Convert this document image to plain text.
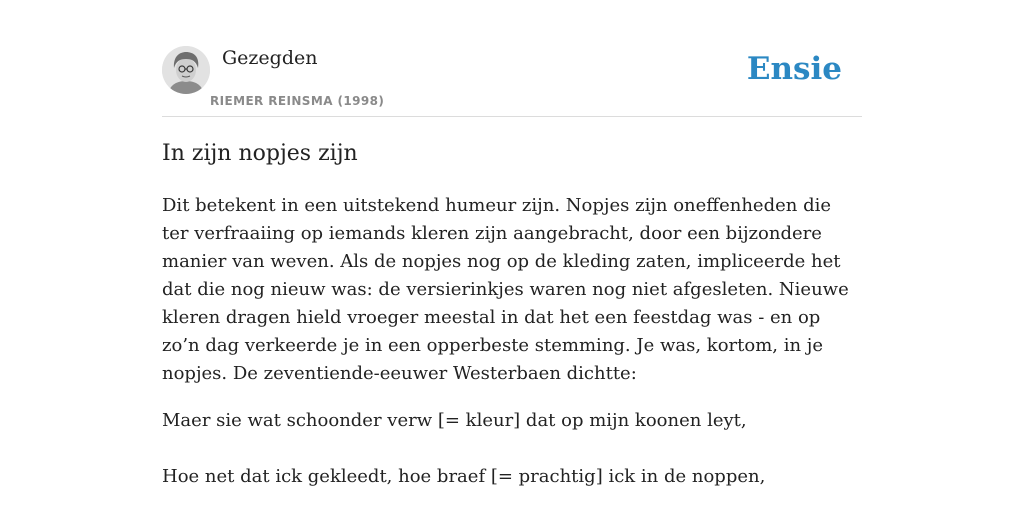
Gezegden
RIEMER REINSMA (1998)
Ensie
In zijn nopjes zijn

Dit betekent in een uitstekend humeur zijn. Nopjes zijn oneffenheden die ter verfraaiing op iemands kleren zijn aangebracht, door een bijzondere manier van weven. Als de nopjes nog op de kleding zaten, impliceerde het dat die nog nieuw was: de versierinkjes waren nog niet afgesleten. Nieuwe kleren dragen hield vroeger meestal in dat het een feestdag was - en op zo’n dag verkeerde je in een opperbeste stemming. Je was, kortom, in je nopjes. De zeventiende-eeuwer Westerbaen dichtte:

Maer sie wat schoonder verw [= kleur] dat op mijn koonen leyt,

Hoe net dat ick gekleedt, hoe braef [= prachtig] ick in de noppen,
